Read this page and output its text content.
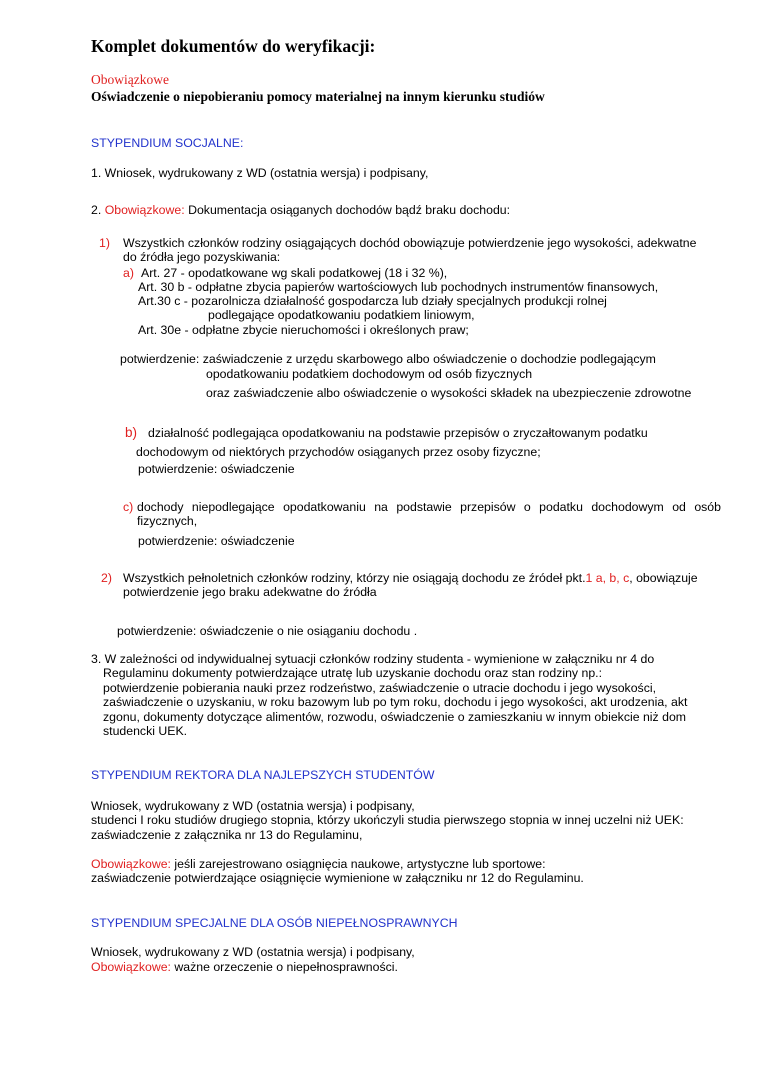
Komplet dokumentów do weryfikacji:
Obowiązkowe
Oświadczenie o niepobieraniu pomocy materialnej na innym kierunku studiów
STYPENDIUM SOCJALNE:
1. Wniosek, wydrukowany z WD (ostatnia wersja) i podpisany,
2. Obowiązkowe: Dokumentacja osiąganych dochodów bądź braku dochodu:
1) Wszystkich członków rodziny osiągających dochód obowiązuje potwierdzenie jego wysokości, adekwatne
do źródła jego pozyskiwania:
a) Art. 27 - opodatkowane wg skali podatkowej (18 i 32 %),
Art. 30 b - odpłatne zbycia papierów wartościowych lub pochodnych instrumentów finansowych,
Art.30 c - pozarolnicza działalność gospodarcza lub działy specjalnych produkcji rolnej
podlegające opodatkowaniu podatkiem liniowym,
Art. 30e - odpłatne zbycie nieruchomości i określonych praw;
potwierdzenie: zaświadczenie z urzędu skarbowego albo oświadczenie o dochodzie podlegającym
opodatkowaniu podatkiem dochodowym od osób fizycznych
oraz zaświadczenie albo oświadczenie o wysokości składek na ubezpieczenie zdrowotne
b) działalność podlegająca opodatkowaniu na podstawie przepisów o zryczałtowanym podatku
dochodowym od niektórych przychodów osiąganych przez osoby fizyczne;
potwierdzenie: oświadczenie
c) dochody niepodlegające opodatkowaniu na podstawie przepisów o podatku dochodowym od osób
fizycznych,
potwierdzenie: oświadczenie
2) Wszystkich pełnoletnich członków rodziny, którzy nie osiągają dochodu ze źródeł pkt.1 a, b, c, obowiązuje
potwierdzenie jego braku adekwatne do źródła
potwierdzenie: oświadczenie o nie osiąganiu dochodu .
3. W zależności od indywidualnej sytuacji członków rodziny studenta - wymienione w załączniku nr 4 do
Regulaminu dokumenty potwierdzające utratę lub uzyskanie dochodu oraz stan rodziny np.:
potwierdzenie pobierania nauki przez rodzeństwo, zaświadczenie o utracie dochodu i jego wysokości,
zaświadczenie o uzyskaniu, w roku bazowym lub po tym roku, dochodu i jego wysokości, akt urodzenia, akt
zgonu, dokumenty dotyczące alimentów, rozwodu, oświadczenie o zamieszkaniu w innym obiekcie niż dom
studencki UEK.
STYPENDIUM REKTORA DLA NAJLEPSZYCH STUDENTÓW
Wniosek, wydrukowany z WD (ostatnia wersja) i podpisany,
studenci I roku studiów drugiego stopnia, którzy ukończyli studia pierwszego stopnia w innej uczelni niż UEK:
zaświadczenie z załącznika nr 13 do Regulaminu,
Obowiązkowe: jeśli zarejestrowano osiągnięcia naukowe, artystyczne lub sportowe:
zaświadczenie potwierdzające osiągnięcie wymienione w załączniku nr 12 do Regulaminu.
STYPENDIUM SPECJALNE DLA OSÓB NIEPEŁNOSPRAWNYCH
Wniosek, wydrukowany z WD (ostatnia wersja) i podpisany,
Obowiązkowe: ważne orzeczenie o niepełnosprawności.
